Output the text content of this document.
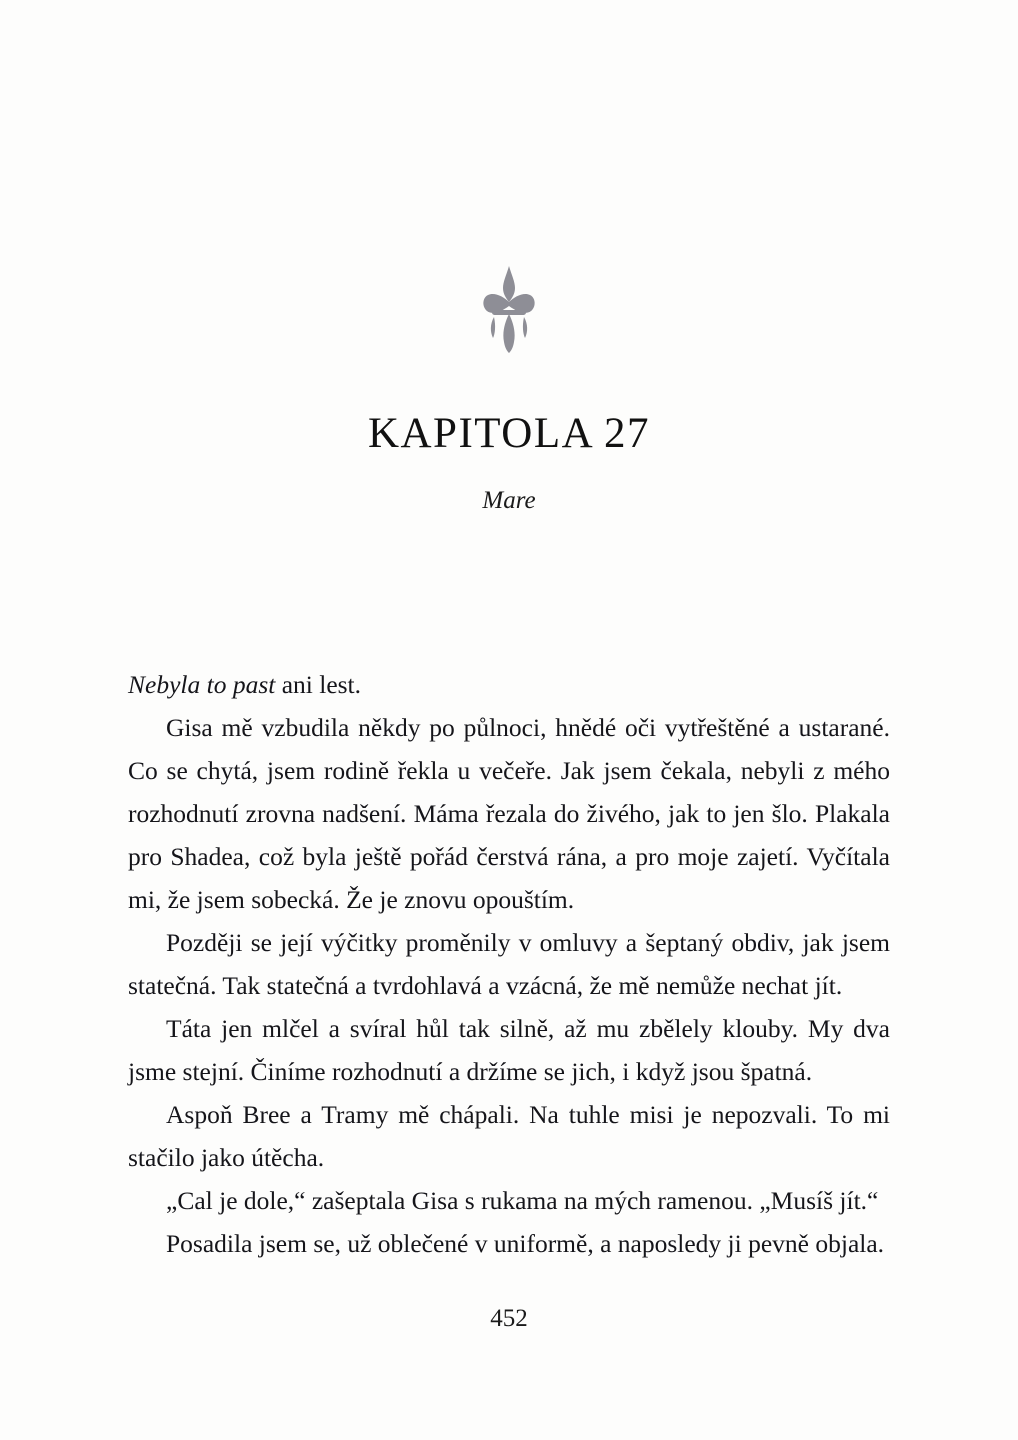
KAPITOLA 27
Mare

Nebyla to past ani lest.

Gisa mě vzbudila někdy po půlnoci, hnědé oči vytřeštěné a ustarané. Co se chytá, jsem rodině řekla u večeře. Jak jsem čekala, nebyli z mého rozhodnutí zrovna nadšení. Máma řezala do živého, jak to jen šlo. Plakala pro Shadea, což byla ještě pořád čerstvá rána, a pro moje zajetí. Vyčítala mi, že jsem sobecká. Že je znovu opouštím.

Později se její výčitky proměnily v omluvy a šeptaný obdiv, jak jsem statečná. Tak statečná a tvrdohlavá a vzácná, že mě nemůže nechat jít.

Táta jen mlčel a svíral hůl tak silně, až mu zbělely klouby. My dva jsme stejní. Činíme rozhodnutí a držíme se jich, i když jsou špatná.

Aspoň Bree a Tramy mě chápali. Na tuhle misi je nepozvali. To mi stačilo jako útěcha.

„Cal je dole,“ zašeptala Gisa s rukama na mých ramenou. „Musíš jít.“

Posadila jsem se, už oblečené v uniformě, a naposledy ji pevně objala.

452
